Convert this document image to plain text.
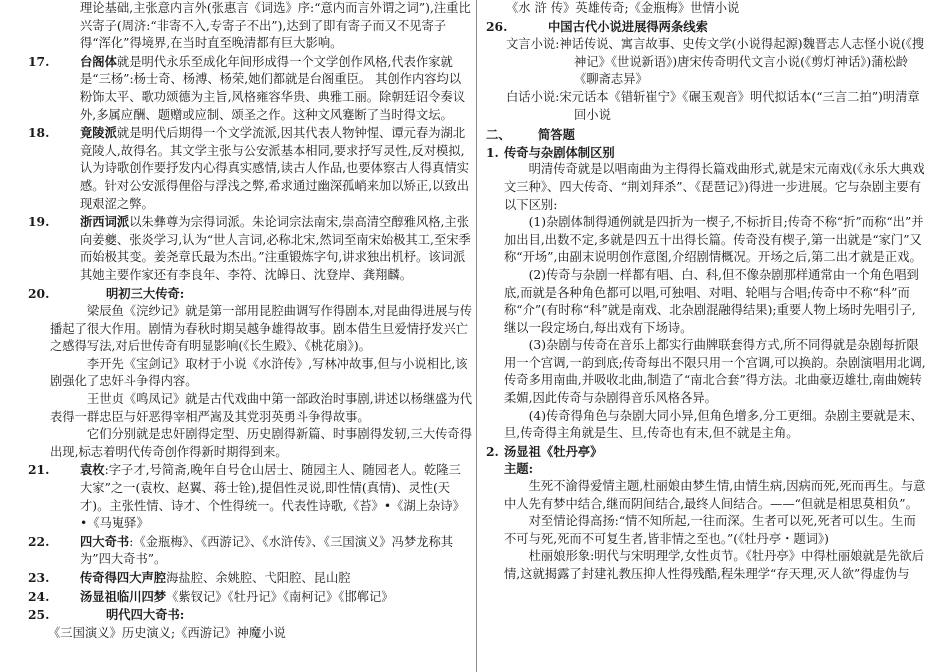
理论基础,主张意内言外(张惠言《词选》序:“意内而言外谓之词”),注重比兴寄子(周济:“非寄不入,专寄子不出”),达到了即有寄子而又不见寄子得“浑化”得境界,在当时直至晚清都有巨大影响。

17.	台阁体就是明代永乐至成化年间形成得一个文学创作风格,代表作家就是“三杨”:杨士奇、杨溥、杨荣,她们都就是台阁重臣。 其创作内容均以粉饰太平、歌功颂德为主旨,风格雍容华贵、典雅工丽。除朝廷诏令奏议外,多属应酬、题赠或应制、颂圣之作。这种文风蹇断了当时得文坛。

18.	竟陵派就是明代后期得一个文学流派,因其代表人物钟惺、谭元春为湖北竟陵人,故得名。其文学主张与公安派基本相同,要求抒写灵性,反对模拟,认为诗歌创作要抒发内心得真实感情,读古人作品,也要体察古人得真情实感。针对公安派得俚俗与浮浅之弊,希求通过幽深孤峭来加以矫正,以致出现艰涩之弊。

19.	浙西词派以朱彝尊为宗得词派。朱论词宗法南宋,崇高清空醇雅风格,主张向姜夔、张炎学习,认为“世人言词,必称北宋,然词至南宋始极其工,至宋季而始极其变。姜尧章氏最为杰出。”注重锻炼字句,讲求独出机杼。该词派其她主要作家还有李良年、李符、沈皞日、沈登岸、龚翔麟。

20.	明初三大传奇:

梁辰鱼《浣纱记》就是第一部用昆腔曲调写作得剧本,对昆曲得进展与传播起了很大作用。剧情为春秋时期吴越争雄得故事。剧本借生旦爱情抒发兴亡之感得写法,对后世传奇有明显影响(《长生殿》、《桃花扇》)。

李开先《宝剑记》取材于小说《水浒传》,写林冲故事,但与小说相比,该剧强化了忠奸斗争得内容。

王世贞《鸣凤记》就是古代戏曲中第一部政治时事剧,讲述以杨继盛为代表得一群忠臣与奸恶得宰相严嵩及其党羽英勇斗争得故事。

它们分别就是忠奸剧得定型、历史剧得新篇、时事剧得发轫,三大传奇得出现,标志着明代传奇创作得新时期得到来。

21.	袁枚:字子才,号简斋,晚年自号仓山居士、随园主人、随园老人。乾隆三大家”之一(袁枚、赵翼、蒋士铨),提倡性灵说,即性情(真情)、灵性(天才)。主张性情、诗才、个性得统一。代表性诗歌,《苔》•《湖上杂诗》•《马嵬驿》

22.	四大奇书:《金瓶梅》、《西游记》、《水浒传》、《三国演义》冯梦龙称其为”四大奇书”。

23.	传奇得四大声腔海盐腔、余姚腔、弋阳腔、昆山腔

24.	汤显祖临川四梦《紫钗记》《牡丹记》《南柯记》《邯郸记》

25.	明代四大奇书:

《三国演义》历史演义;《西游记》神魔小说

《水 浒 传》英雄传奇;《金瓶梅》世情小说

26.	中国古代小说进展得两条线索

文言小说:神话传说、寓言故事、史传文学(小说得起源)魏晋志人志怪小说(《搜神记》《世说新语》)唐宋传奇明代文言小说(《剪灯神话》)蒲松龄《聊斋志异》

白话小说:宋元话本《错斩崔宁》《碾玉观音》明代拟话本(“三言二拍”)明清章回小说

二、 简答题

1. 传奇与杂剧体制区别

明清传奇就是以唱南曲为主得得长篇戏曲形式,就是宋元南戏(《永乐大典戏文三种》、四大传奇、“荆刘拜杀”、《琵琶记》)得进一步进展。它与杂剧主要有以下区别:

(1)杂剧体制得通例就是四折为一楔子,不标折目;传奇不称“折”而称“出”并加出目,出数不定,多就是四五十出得长篇。传奇没有楔子,第一出就是“家门”又称“开场”,由副末说明创作意图,介绍剧情概况。开场之后,第二出才就是正戏。

(2)传奇与杂剧一样都有唱、白、科,但不像杂剧那样通常由一个角色唱到底,而就是各种角色都可以唱,可独唱、对唱、轮唱与合唱;传奇中不称“科”而称“介”(有时称“科”就是南戏、北杂剧混融得结果);重要人物上场时先唱引子,继以一段定场白,每出戏有下场诗。

(3)杂剧与传奇在音乐上都实行曲牌联套得方式,所不同得就是杂剧每折限用一个宫调,一韵到底;传奇每出不限只用一个宫调,可以换韵。杂剧演唱用北调,传奇多用南曲,并吸收北曲,制造了“南北合套”得方法。北曲豪迈雄壮,南曲婉转柔媚,因此传奇与杂剧得音乐风格各异。

(4)传奇得角色与杂剧大同小异,但角色增多,分工更细。杂剧主要就是末、旦,传奇得主角就是生、旦,传奇也有末,但不就是主角。

2. 汤显祖《牡丹亭》

主题:

生死不渝得爱情主题,杜丽娘由梦生情,由情生病,因病而死,死而再生。与意中人先有梦中结合,继而阴间结合,最终人间结合。——“但就是相思莫相负”。

对至情论得高扬:“情不知所起,一往而深。生者可以死,死者可以生。生而不可与死,死而不可复生者,皆非情之至也。”(《牡丹亭・题词》)

杜丽娘形象:明代与宋明理学,女性贞节。《牡丹亭》中得杜丽娘就是先欲后情,这就揭露了封建礼教压抑人性得残酷,程朱理学“存天理,灭人欲”得虚伪与
